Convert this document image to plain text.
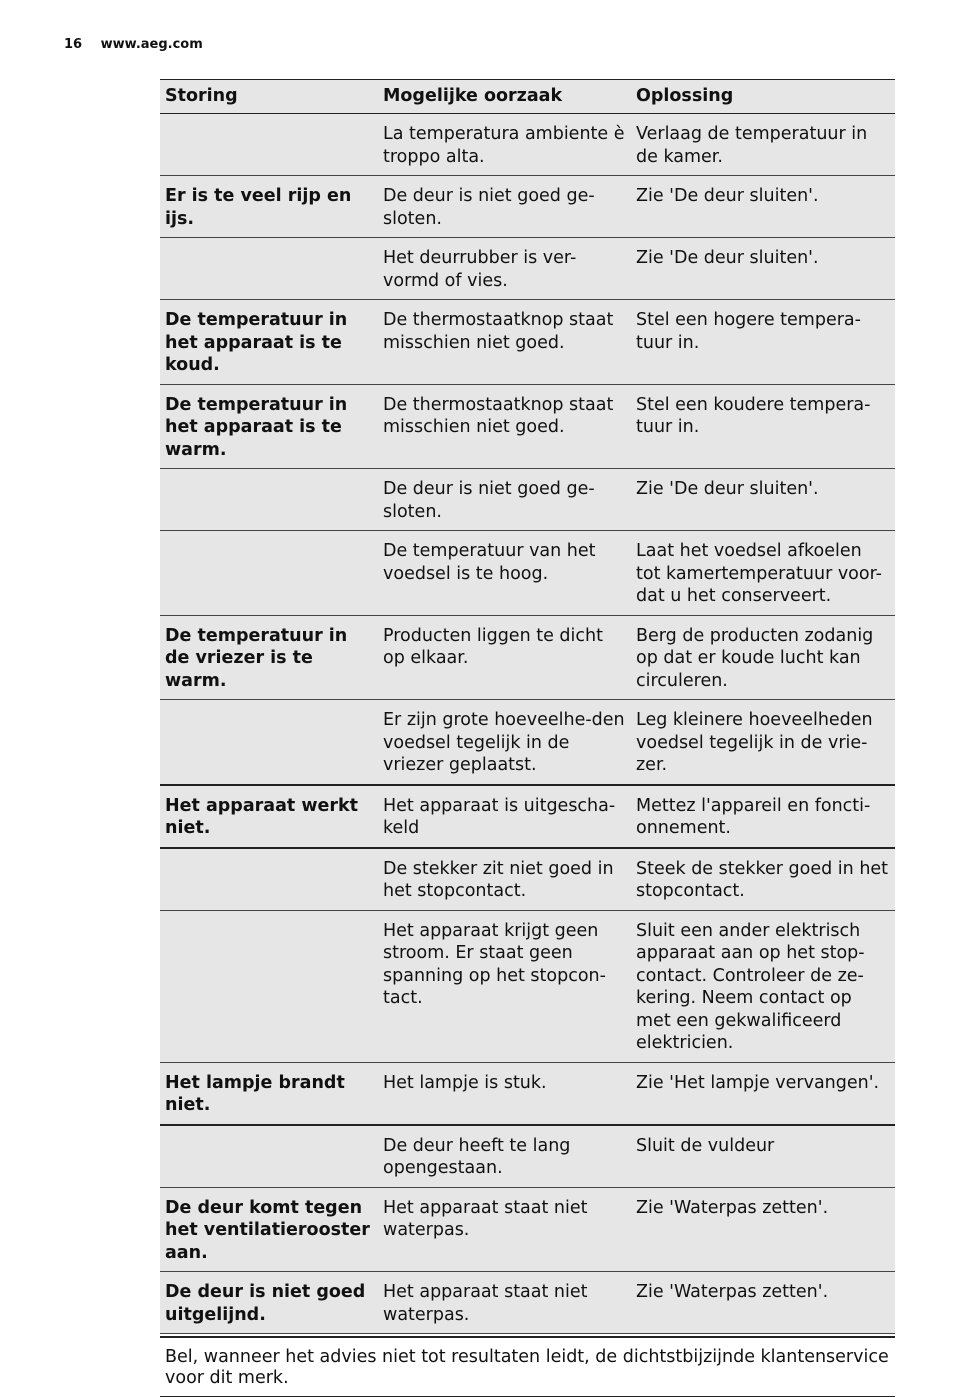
16 www.aeg.com
Storing	Mogelijke oorzaak	Oplossing
	La temperatura ambiente è troppo alta.	Verlaag de temperatuur in de kamer.
Er is te veel rijp en ijs.	De deur is niet goed ge-sloten.	Zie 'De deur sluiten'.
	Het deurrubber is ver-vormd of vies.	Zie 'De deur sluiten'.
De temperatuur in het apparaat is te koud.	De thermostaatknop staat misschien niet goed.	Stel een hogere tempera-tuur in.
De temperatuur in het apparaat is te warm.	De thermostaatknop staat misschien niet goed.	Stel een koudere tempera-tuur in.
	De deur is niet goed ge-sloten.	Zie 'De deur sluiten'.
	De temperatuur van het voedsel is te hoog.	Laat het voedsel afkoelen tot kamertemperatuur voor-dat u het conserveert.
De temperatuur in de vriezer is te warm.	Producten liggen te dicht op elkaar.	Berg de producten zodanig op dat er koude lucht kan circuleren.
	Er zijn grote hoeveelhe-den voedsel tegelijk in de vriezer geplaatst.	Leg kleinere hoeveelheden voedsel tegelijk in de vrie-zer.
Het apparaat werkt niet.	Het apparaat is uitgescha-keld	Mettez l'appareil en foncti-onnement.
	De stekker zit niet goed in het stopcontact.	Steek de stekker goed in het stopcontact.
	Het apparaat krijgt geen stroom. Er staat geen spanning op het stopcon-tact.	Sluit een ander elektrisch apparaat aan op het stop-contact. Controleer de ze-kering. Neem contact op met een gekwalificeerd elektricien.
Het lampje brandt niet.	Het lampje is stuk.	Zie 'Het lampje vervangen'.
	De deur heeft te lang opengestaan.	Sluit de vuldeur
De deur komt tegen het ventilatierooster aan.	Het apparaat staat niet waterpas.	Zie 'Waterpas zetten'.
De deur is niet goed uitgelijnd.	Het apparaat staat niet waterpas.	Zie 'Waterpas zetten'.
Bel, wanneer het advies niet tot resultaten leidt, de dichtstbijzijnde klantenservice voor dit merk.
